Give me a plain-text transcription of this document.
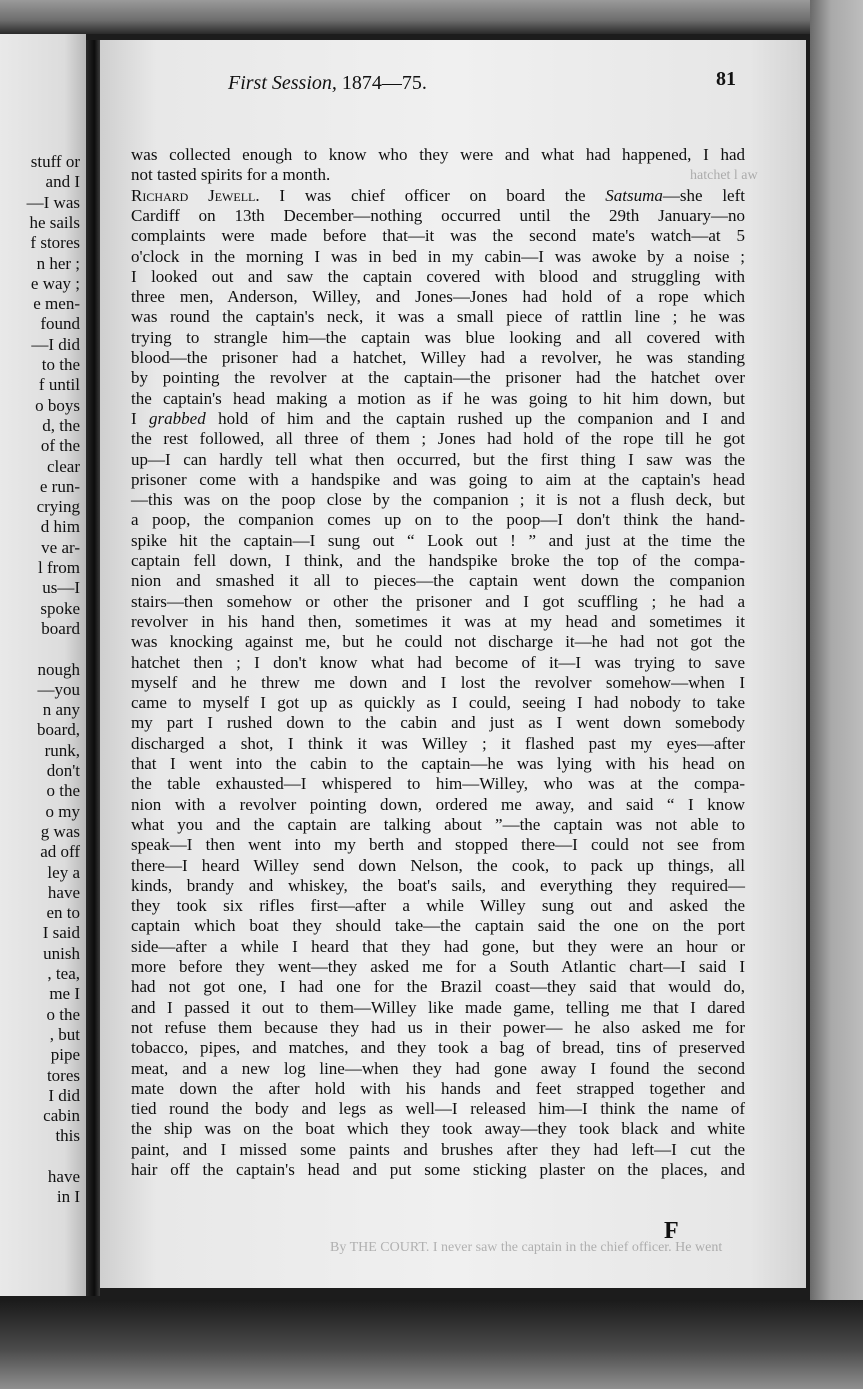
stuff or

and I

—I was

he sails

f stores

n her ;

e way ;

e men-

found

—I did

to the

f until

o boys

d, the

of the

clear

e run-

crying

d him

ve ar-

l from

us—I

spoke

board

nough

—you

n any

board,

runk,

don't

o the

o my

g was

ad off

ley a

have

en to

I said

unish

, tea,

me I

o the

, but

pipe

tores

I did

cabin

this

have

in I

hatchet l aw

First Session, 1874—75.	81

was collected enough to know who they were and what had happened, I had

not tasted spirits for a month.

Richard Jewell. I was chief officer on board the Satsuma—she left

Cardiff on 13th December—nothing occurred until the 29th January—no

complaints were made before that—it was the second mate's watch—at 5

o'clock in the morning I was in bed in my cabin—I was awoke by a noise ;

I looked out and saw the captain covered with blood and struggling with

three men, Anderson, Willey, and Jones—Jones had hold of a rope which

was round the captain's neck, it was a small piece of rattlin line ; he was

trying to strangle him—the captain was blue looking and all covered with

blood—the prisoner had a hatchet, Willey had a revolver, he was standing

by pointing the revolver at the captain—the prisoner had the hatchet over

the captain's head making a motion as if he was going to hit him down, but

I grabbed hold of him and the captain rushed up the companion and I and

the rest followed, all three of them ; Jones had hold of the rope till he got

up—I can hardly tell what then occurred, but the first thing I saw was the

prisoner come with a handspike and was going to aim at the captain's head

—this was on the poop close by the companion ; it is not a flush deck, but

a poop, the companion comes up on to the poop—I don't think the hand-

spike hit the captain—I sung out “ Look out ! ” and just at the time the

captain fell down, I think, and the handspike broke the top of the compa-

nion and smashed it all to pieces—the captain went down the companion

stairs—then somehow or other the prisoner and I got scuffling ; he had a

revolver in his hand then, sometimes it was at my head and sometimes it

was knocking against me, but he could not discharge it—he had not got the

hatchet then ; I don't know what had become of it—I was trying to save

myself and he threw me down and I lost the revolver somehow—when I

came to myself I got up as quickly as I could, seeing I had nobody to take

my part I rushed down to the cabin and just as I went down somebody

discharged a shot, I think it was Willey ; it flashed past my eyes—after

that I went into the cabin to the captain—he was lying with his head on

the table exhausted—I whispered to him—Willey, who was at the compa-

nion with a revolver pointing down, ordered me away, and said “ I know

what you and the captain are talking about ”—the captain was not able to

speak—I then went into my berth and stopped there—I could not see from

there—I heard Willey send down Nelson, the cook, to pack up things, all

kinds, brandy and whiskey, the boat's sails, and everything they required—

they took six rifles first—after a while Willey sung out and asked the

captain which boat they should take—the captain said the one on the port

side—after a while I heard that they had gone, but they were an hour or

more before they went—they asked me for a South Atlantic chart—I said I

had not got one, I had one for the Brazil coast—they said that would do,

and I passed it out to them—Willey like made game, telling me that I dared

not refuse them because they had us in their power— he also asked me for

tobacco, pipes, and matches, and they took a bag of bread, tins of preserved

meat, and a new log line—when they had gone away I found the second

mate down the after hold with his hands and feet strapped together and

tied round the body and legs as well—I released him—I think the name of

the ship was on the boat which they took away—they took black and white

paint, and I missed some paints and brushes after they had left—I cut the

hair off the captain's head and put some sticking plaster on the places, and

F

By THE COURT. I never saw the captain in the chief officer. He went
